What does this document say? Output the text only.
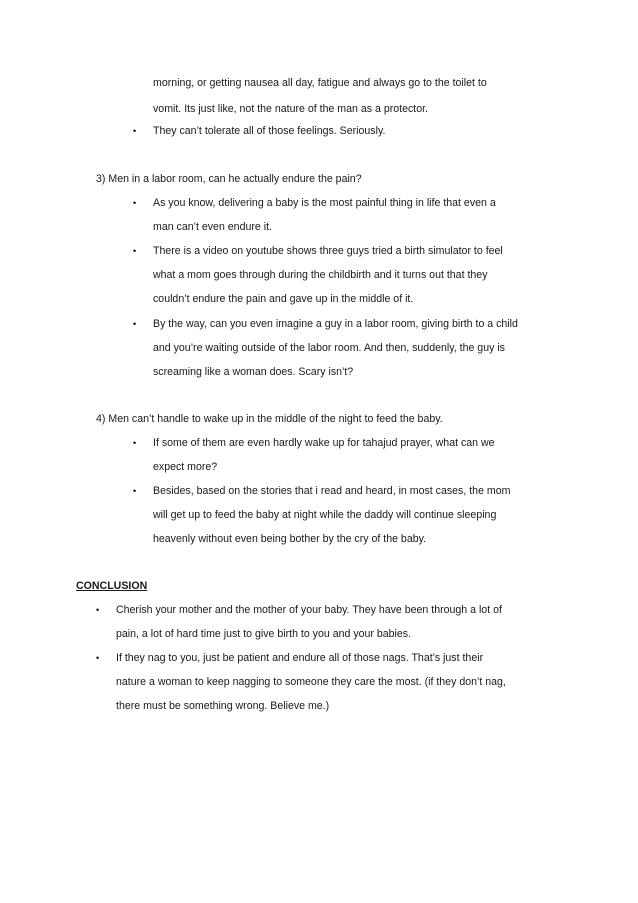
morning, or getting nausea all day, fatigue and always go to the toilet to
vomit. Its just like, not the nature of the man as a protector.
• They can’t tolerate all of those feelings. Seriously.
3) Men in a labor room, can he actually endure the pain?
• As you know, delivering a baby is the most painful thing in life that even a
man can’t even endure it.
• There is a video on youtube shows three guys tried a birth simulator to feel
what a mom goes through during the childbirth and it turns out that they
couldn’t endure the pain and gave up in the middle of it.
• By the way, can you even imagine a guy in a labor room, giving birth to a child
and you’re waiting outside of the labor room. And then, suddenly, the guy is
screaming like a woman does. Scary isn’t?
4) Men can’t handle to wake up in the middle of the night to feed the baby.
• If some of them are even hardly wake up for tahajud prayer, what can we
expect more?
• Besides, based on the stories that i read and heard, in most cases, the mom
will get up to feed the baby at night while the daddy will continue sleeping
heavenly without even being bother by the cry of the baby.
CONCLUSION
• Cherish your mother and the mother of your baby. They have been through a lot of
pain, a lot of hard time just to give birth to you and your babies.
• If they nag to you, just be patient and endure all of those nags. That’s just their
nature a woman to keep nagging to someone they care the most. (if they don’t nag,
there must be something wrong. Believe me.)
